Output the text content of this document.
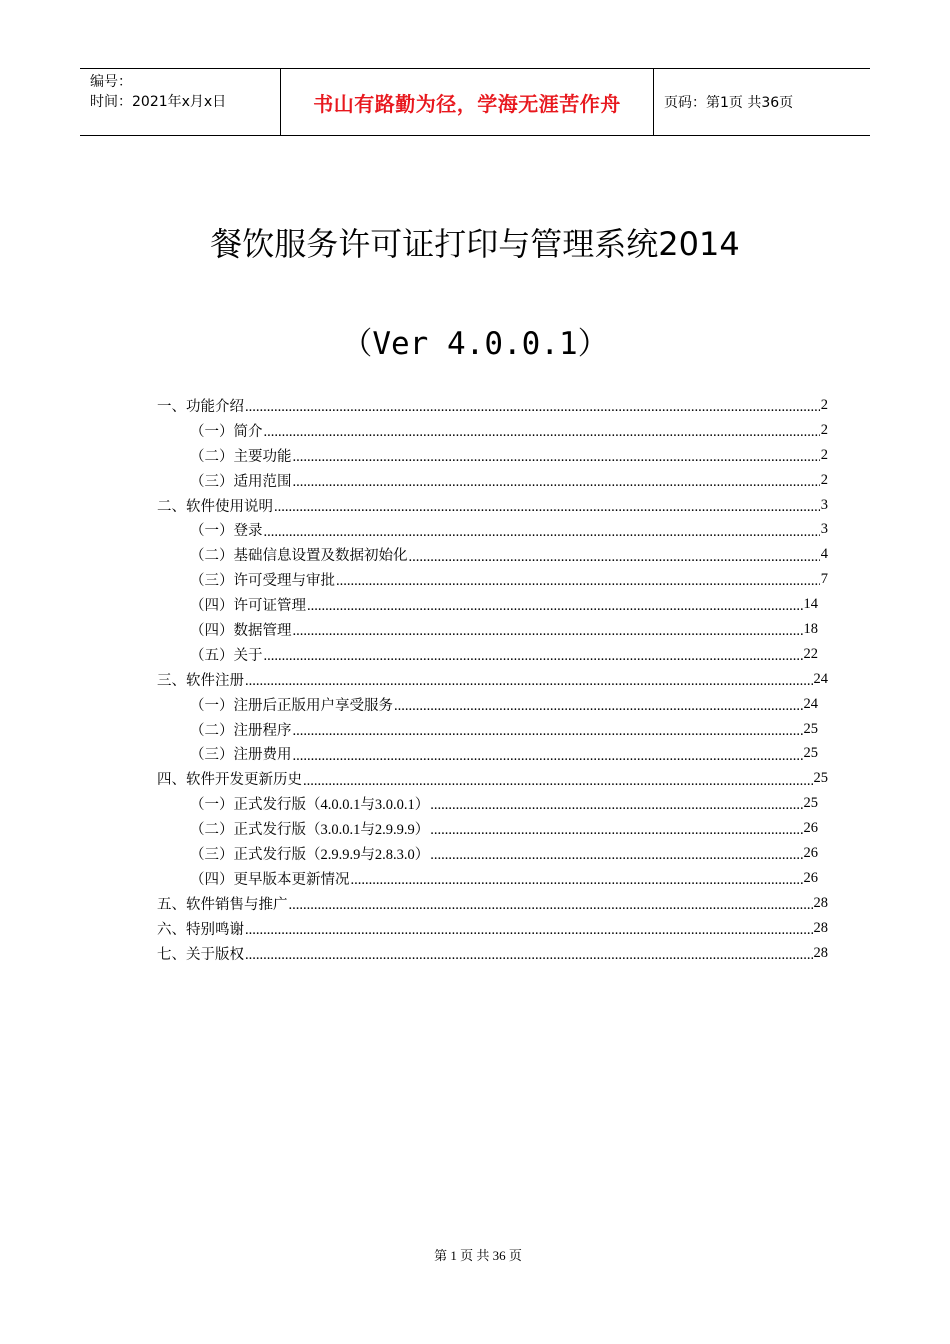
编号：
时间：2021年x月x日	书山有路勤为径，学海无涯苦作舟	页码：第1页 共36页
餐饮服务许可证打印与管理系统2014
（Ver 4.0.0.1）
一、功能介绍 .....	2
（一）简介 .....	2
（二）主要功能 .....	2
（三）适用范围 .....	2
二、软件使用说明 .....	3
（一）登录 .....	3
（二）基础信息设置及数据初始化 .....	4
（三）许可受理与审批 .....	7
（四）许可证管理 .....	14
（四）数据管理 .....	18
（五）关于 .....	22
三、软件注册 .....	24
（一）注册后正版用户享受服务 .....	24
（二）注册程序 .....	25
（三）注册费用 .....	25
四、软件开发更新历史 .....	25
（一）正式发行版（4.0.0.1与3.0.0.1） .....	25
（二）正式发行版（3.0.0.1与2.9.9.9） .....	26
（三）正式发行版（2.9.9.9与2.8.3.0） .....	26
（四）更早版本更新情况 .....	26
五、软件销售与推广 .....	28
六、特别鸣谢 .....	28
七、关于版权 .....	28
第 1 页 共 36 页
